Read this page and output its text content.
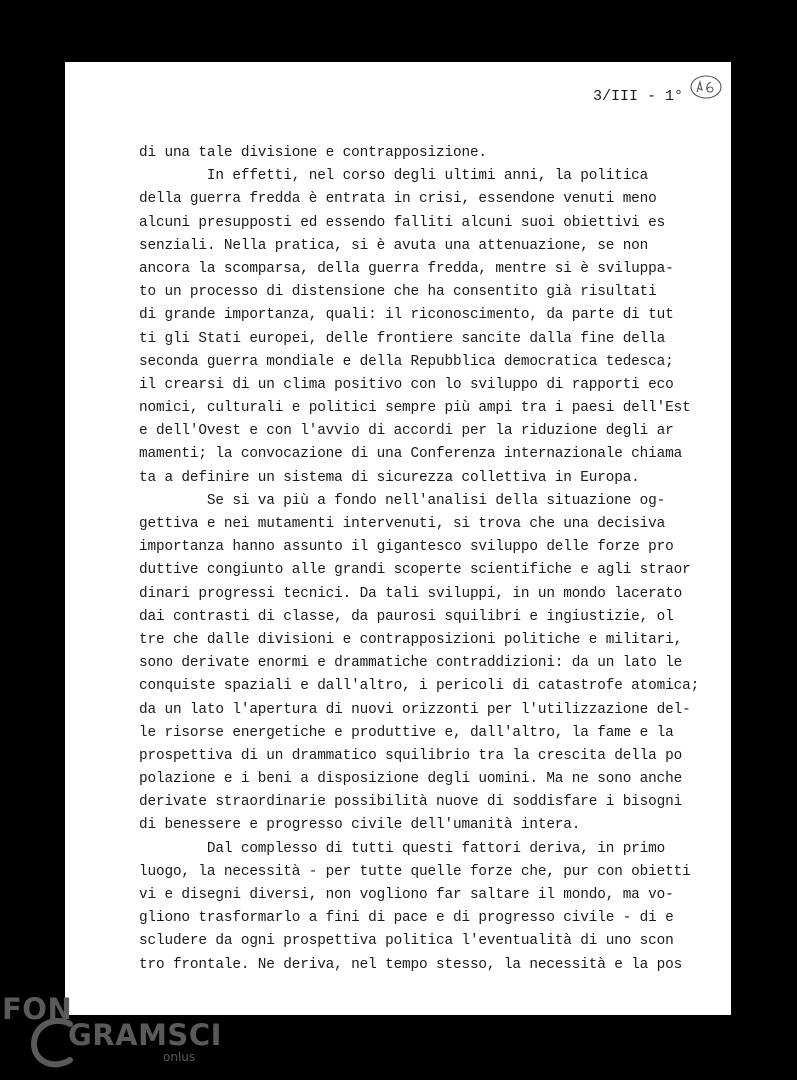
3/III - 1°
di una tale divisione e contrapposizione.
In effetti, nel corso degli ultimi anni, la politica
della guerra fredda è entrata in crisi, essendone venuti meno
alcuni presupposti ed essendo falliti alcuni suoi obiettivi es
senziali. Nella pratica, si è avuta una attenuazione, se non
ancora la scomparsa, della guerra fredda, mentre si è sviluppa-
to un processo di distensione che ha consentito già risultati
di grande importanza, quali: il riconoscimento, da parte di tut
ti gli Stati europei, delle frontiere sancite dalla fine della
seconda guerra mondiale e della Repubblica democratica tedesca;
il crearsi di un clima positivo con lo sviluppo di rapporti eco
nomici, culturali e politici sempre più ampi tra i paesi dell'Est
e dell'Ovest e con l'avvio di accordi per la riduzione degli ar
mamenti; la convocazione di una Conferenza internazionale chiama
ta a definire un sistema di sicurezza collettiva in Europa.
Se si va più a fondo nell'analisi della situazione og-
gettiva e nei mutamenti intervenuti, si trova che una decisiva
importanza hanno assunto il gigantesco sviluppo delle forze pro
duttive congiunto alle grandi scoperte scientifiche e agli straor
dinari progressi tecnici. Da tali sviluppi, in un mondo lacerato
dai contrasti di classe, da paurosi squilibri e ingiustizie, ol
tre che dalle divisioni e contrapposizioni politiche e militari,
sono derivate enormi e drammatiche contraddizioni: da un lato le
conquiste spaziali e dall'altro, i pericoli di catastrofe atomica;
da un lato l'apertura di nuovi orizzonti per l'utilizzazione del-
le risorse energetiche e produttive e, dall'altro, la fame e la
prospettiva di un drammatico squilibrio tra la crescita della po
polazione e i beni a disposizione degli uomini. Ma ne sono anche
derivate straordinarie possibilità nuove di soddisfare i bisogni
di benessere e progresso civile dell'umanità intera.
Dal complesso di tutti questi fattori deriva, in primo
luogo, la necessità - per tutte quelle forze che, pur con obietti
vi e disegni diversi, non vogliono far saltare il mondo, ma vo-
gliono trasformarlo a fini di pace e di progresso civile - di e
scludere da ogni prospettiva politica l'eventualità di uno scon
tro frontale. Ne deriva, nel tempo stesso, la necessità e la pos
FON
GRAMSCI
onlus
